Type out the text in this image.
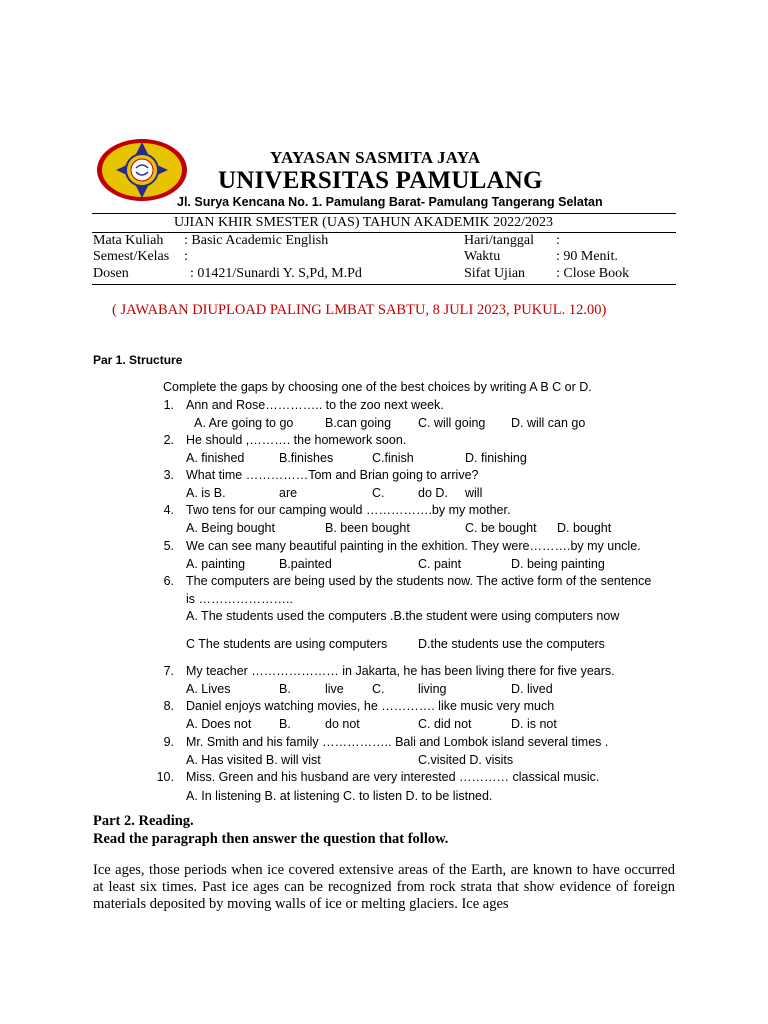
YAYASAN SASMITA JAYA
UNIVERSITAS PAMULANG
Jl. Surya Kencana No. 1. Pamulang Barat- Pamulang Tangerang Selatan
UJIAN KHIR SMESTER (UAS) TAHUN AKADEMIK 2022/2023
Mata Kuliah : Basic Academic English
Semest/Kelas :
Dosen	: 01421/Sunardi Y. S,Pd, M.Pd
Hari/tanggal :
Waktu	: 90 Menit.
Sifat Ujian : Close Book
( JAWABAN DIUPLOAD PALING LMBAT SABTU, 8 JULI 2023, PUKUL. 12.00)
Par 1. Structure
Complete the gaps by choosing one of the best choices by writing A B C or D.
1. Ann and Rose………….. to the zoo next week.
A. Are going to go	B.can going C. will going D. will can go
2. He should ,………. the homework soon.
A. finished	B.finishes	C.finish	D. finishing
3. What time ……………Tom and Brian going to arrive?
A. is B.	are	C.	do D. will
4. Two tens for our camping would …………….by my mother.
A. Being bought	B. been bought	C. be bought D. bought
5. We can see many beautiful painting in the exhition. They were……….by my uncle.
A. painting	B.painted	C. paint	D. being painting
6. The computers are being used by the students now. The active form of the sentence
is …………………..
A. The students used the computers .B.the student were using computers now
C The students are using computers D.the students use the computers
7. My teacher ………………… in Jakarta, he has been living there for five years.
A. Lives	B.	live C.	living	D. lived
8. Daniel enjoys watching movies, he …………. like music very much
A. Does not B.	do not	C. did not	D. is not
9. Mr. Smith and his family …………….. Bali and Lombok island several times .
A. Has visited B. will vist	C.visited D. visits
10. Miss. Green and his husband are very interested ………… classical music.
A. In listening B. at listening C. to listen D. to be listned.
Part 2. Reading.
Read the paragraph then answer the question that follow.
Ice ages, those periods when ice covered extensive areas of the Earth, are known to have occurred at least six times. Past ice ages can be recognized from rock strata that show evidence of foreign materials deposited by moving walls of ice or melting glaciers. Ice ages
